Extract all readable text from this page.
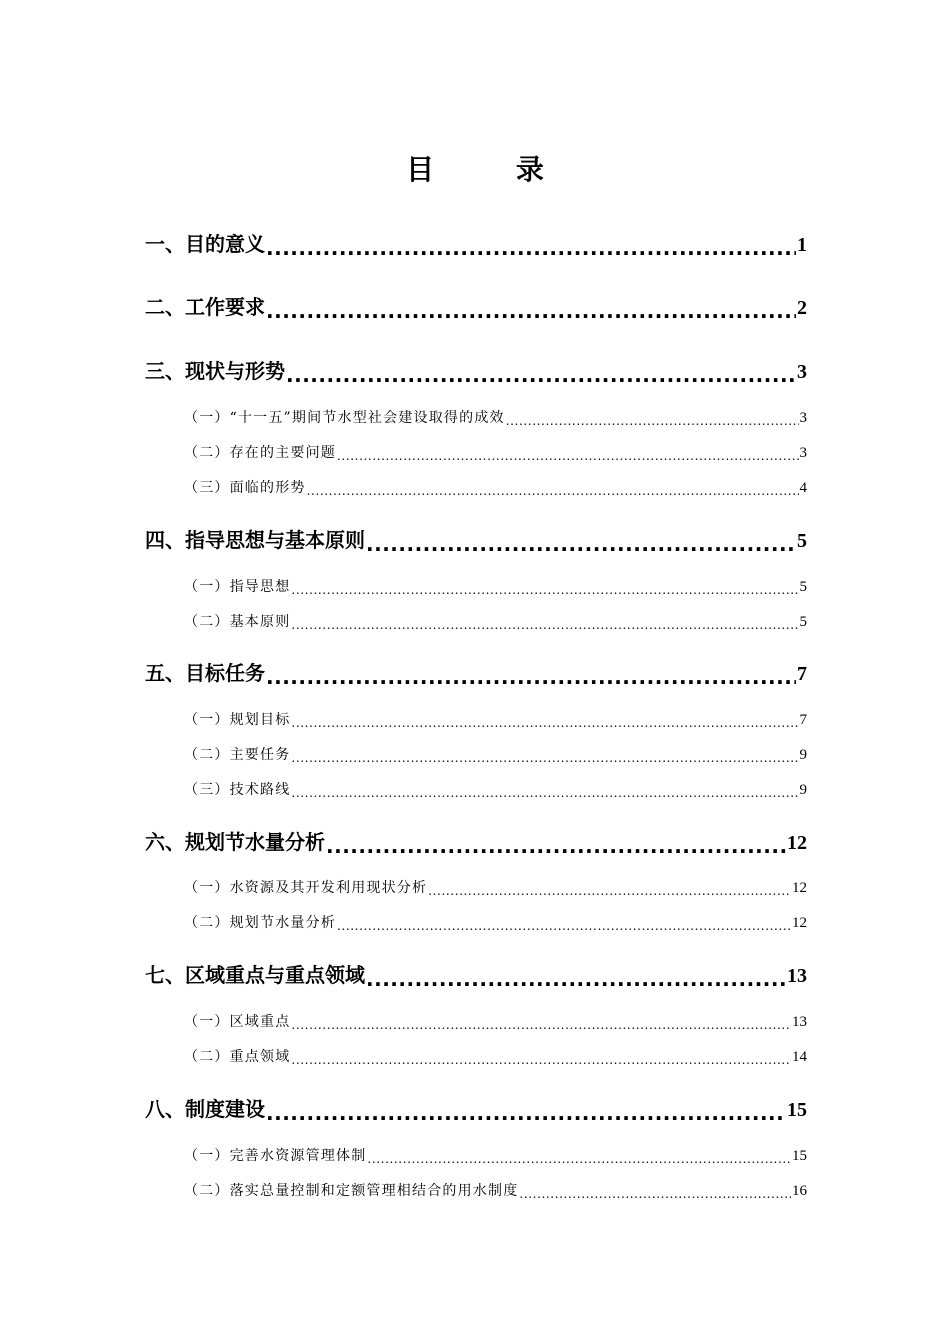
目 录
一、目的意义 .....	1
二、工作要求 .....	2
三、现状与形势 .....	3
（一）“十一五”期间节水型社会建设取得的成效 .....	3
（二）存在的主要问题 .....	3
（三）面临的形势 .....	4
四、指导思想与基本原则 .....	5
（一）指导思想 .....	5
（二）基本原则 .....	5
五、目标任务 .....	7
（一）规划目标 .....	7
（二）主要任务 .....	9
（三）技术路线 .....	9
六、规划节水量分析 .....	12
（一）水资源及其开发利用现状分析 .....	12
（二）规划节水量分析 .....	12
七、区域重点与重点领域 .....	13
（一）区域重点 .....	13
（二）重点领域 .....	14
八、制度建设 .....	15
（一）完善水资源管理体制 .....	15
（二）落实总量控制和定额管理相结合的用水制度 .....	16
